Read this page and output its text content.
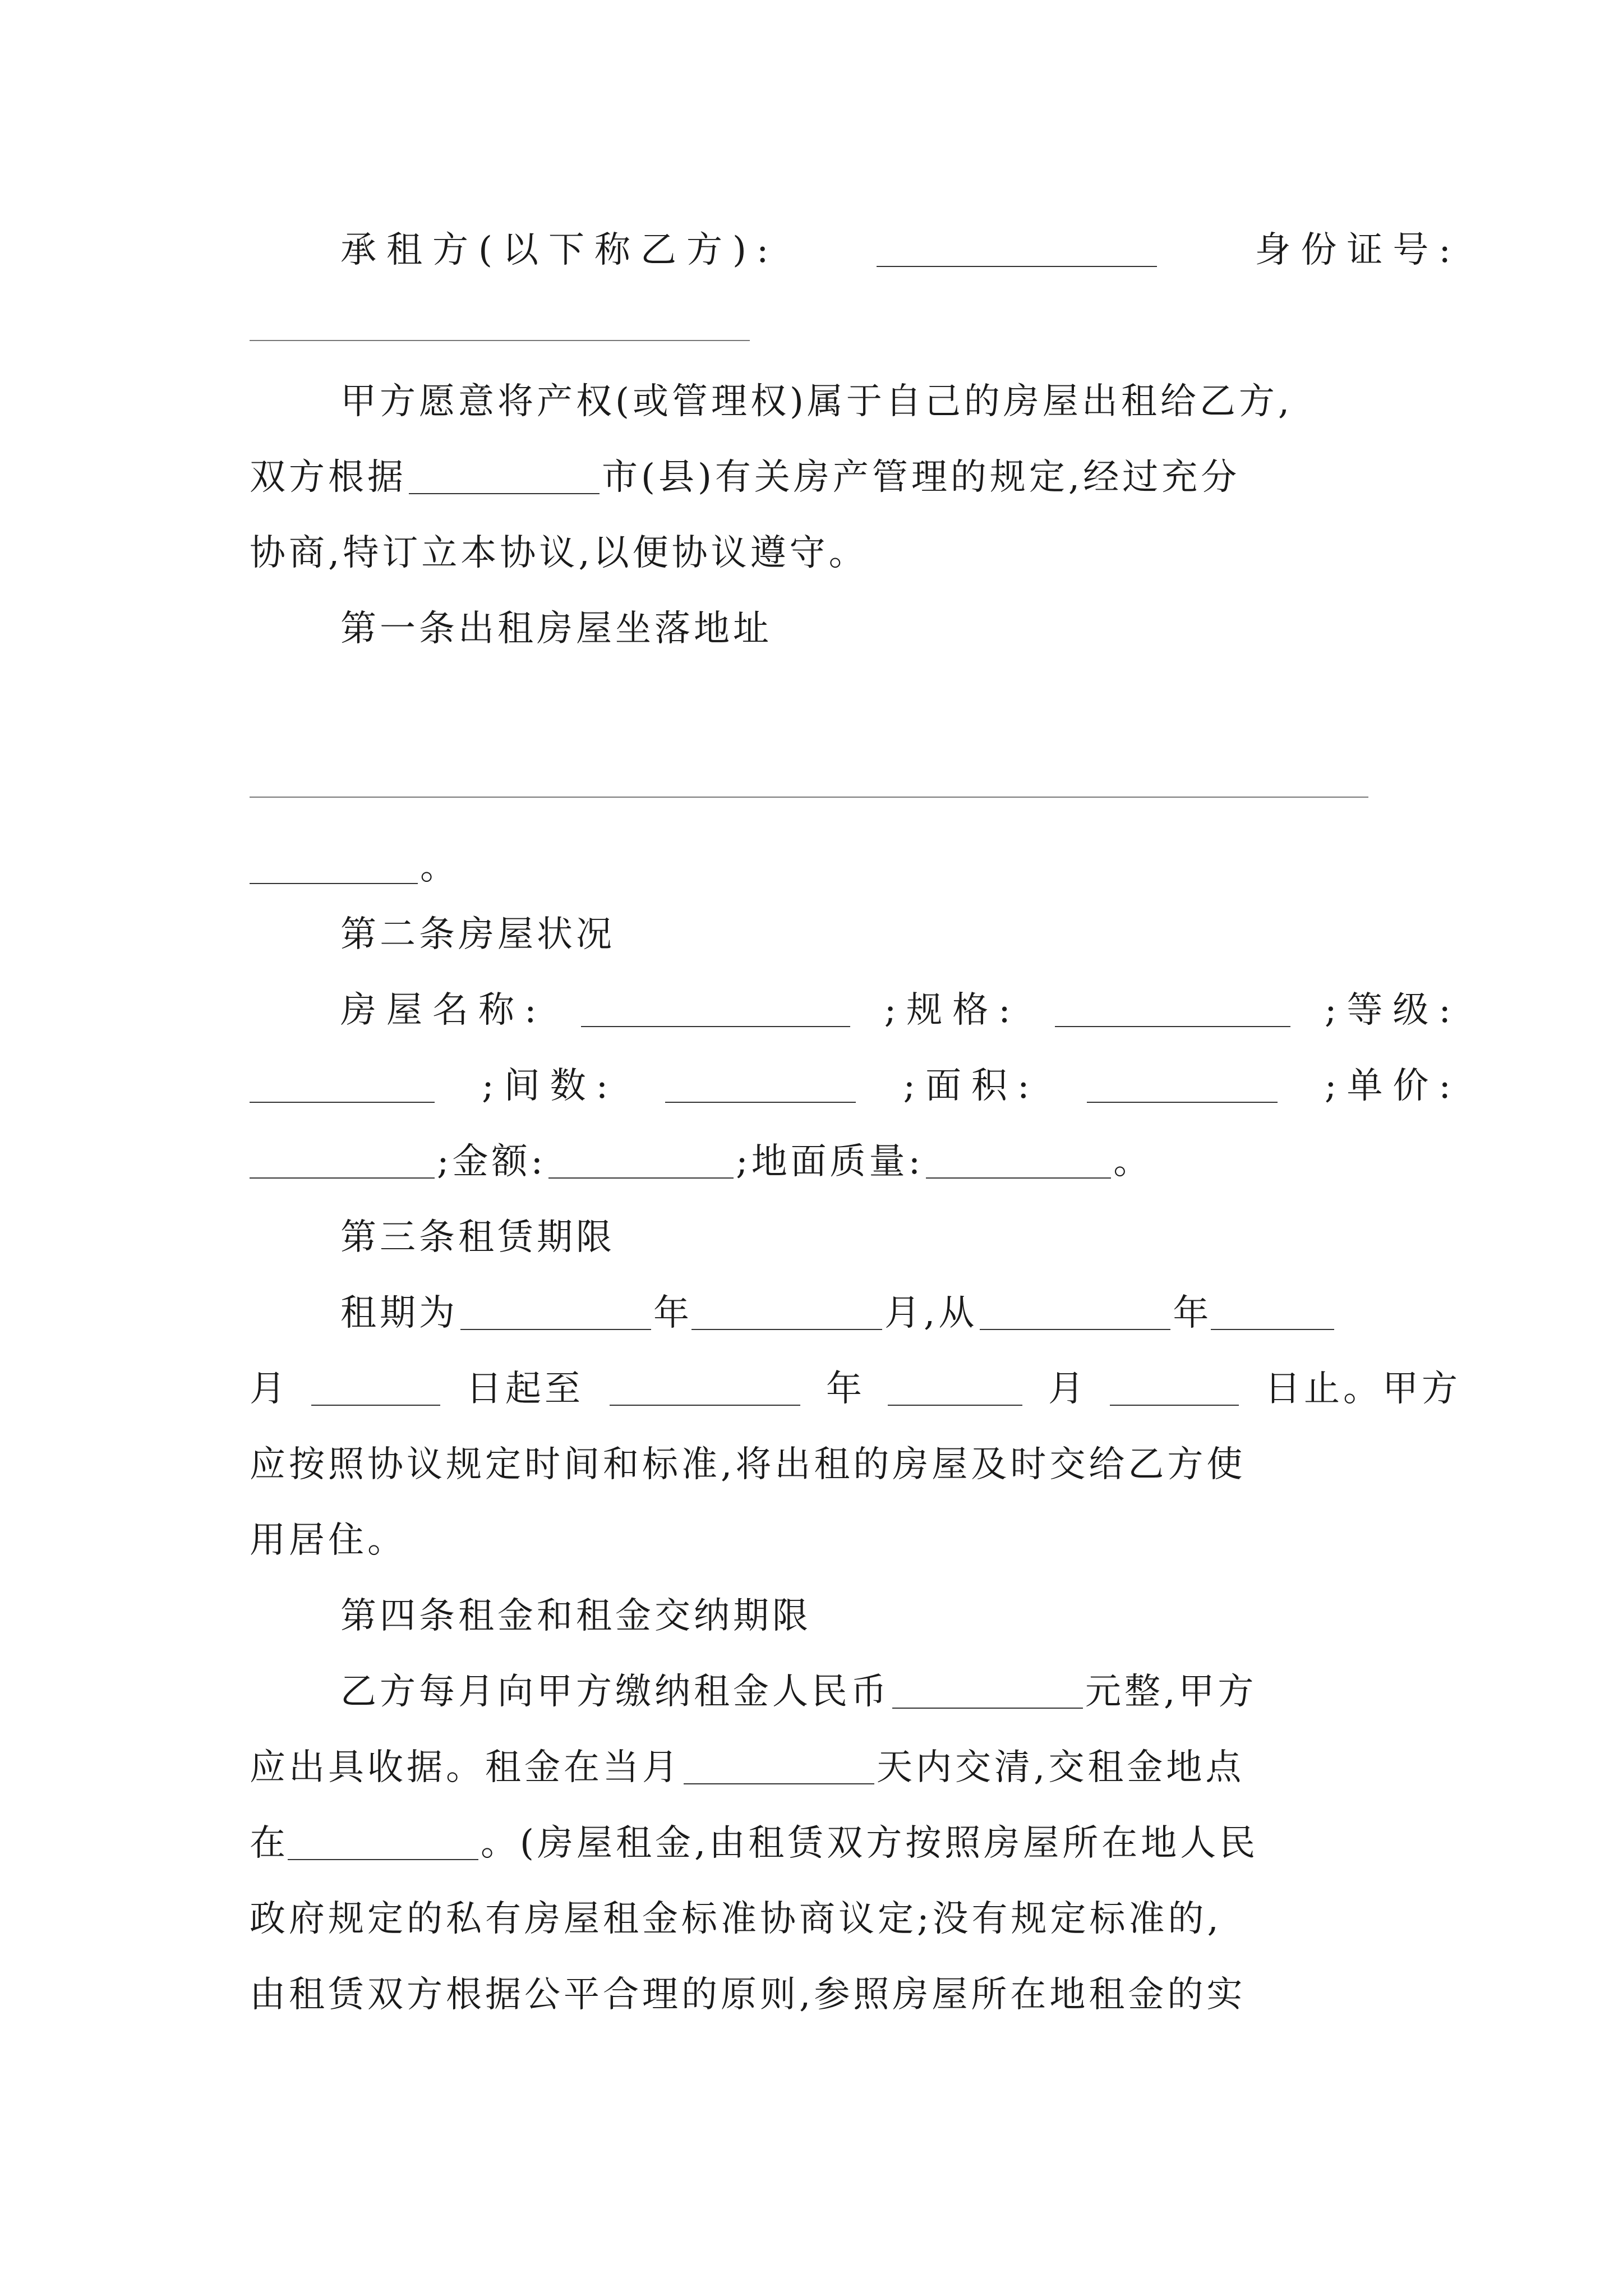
承租方(以下称乙方):	身份证号:
甲方愿意将产权(或管理权)属于自己的房屋出租给乙方,
双方根据	市(县)有关房产管理的规定,经过充分
协商,特订立本协议,以便协议遵守。
第一条出租房屋坐落地址
。
第二条房屋状况
房屋名称:	;规格:	;等级:
;间数:	;面积:	;单价:
;金额:	;地面质量:	。
第三条租赁期限
租期为	年	月,从	年
月	日起至	年	月	日止。甲方
应按照协议规定时间和标准,将出租的房屋及时交给乙方使
用居住。
第四条租金和租金交纳期限
乙方每月向甲方缴纳租金人民币	元整,甲方
应出具收据。租金在当月	天内交清,交租金地点
在	。(房屋租金,由租赁双方按照房屋所在地人民
政府规定的私有房屋租金标准协商议定;没有规定标准的,
由租赁双方根据公平合理的原则,参照房屋所在地租金的实
